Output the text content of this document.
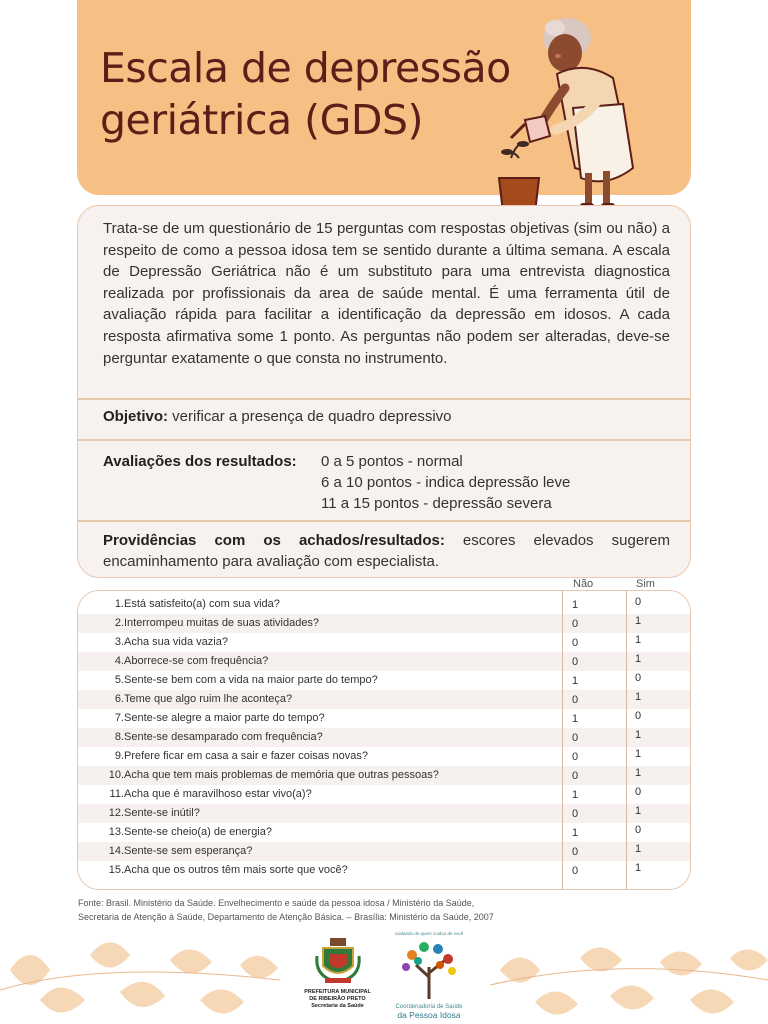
Escala de depressão
geriátrica (GDS)

Trata-se de um questionário de 15 perguntas com respostas objetivas (sim ou não) a respeito de como a pessoa idosa tem se sentido durante a última semana. A escala de Depressão Geriátrica não é um substituto para uma entrevista diagnostica realizada por profissionais da area de saúde mental. É uma ferramenta útil de avaliação rápida para facilitar a identificação da depressão em idosos. A cada resposta afirmativa some 1 ponto. As perguntas não podem ser alteradas, deve-se perguntar exatamente o que consta no instrumento.

Objetivo: verificar a presença de quadro depressivo
Avaliações dos resultados: 0 a 5 pontos - normal
6 a 10 pontos - indica depressão leve
11 a 15 pontos - depressão severa
Providências com os achados/resultados: escores elevados sugerem encaminhamento para avaliação com especialista.
Não	Sim
15.Acha que os outros têm mais sorte que você?	0	1
14.Sente-se sem esperança?	0	1
13.Sente-se cheio(a) de energia?	1	0
12.Sente-se inútil?	0	1
11.Acha que é maravilhoso estar vivo(a)?	1	0
10.Acha que tem mais problemas de memória que outras pessoas?	0	1
9.Prefere ficar em casa a sair e fazer coisas novas?	0	1
8.Sente-se desamparado com frequência?	0	1
7.Sente-se alegre a maior parte do tempo?	1	0
6.Teme que algo ruim lhe aconteça?	0	1
5.Sente-se bem com a vida na maior parte do tempo?	1	0
4.Aborrece-se com frequência?	0	1
3.Acha sua vida vazia?	0	1
2.Interrompeu muitas de suas atividades?	0	1
1.Está satisfeito(a) com sua vida?	1	0
Fonte: Brasil. Ministério da Saúde. Envelhecimento e saúde da pessoa idosa / Ministério da Saúde,
Secretaria de Atenção à Saúde, Departamento de Atenção Básica. – Brasília: Ministério da Saúde, 2007
PREFEITURA MUNICIPAL
DE RIBEIRÃO PRETO
Secretaria da Saúde
cuidando de quem cuidou de você
Coordenadoria de Saúde
da Pessoa Idosa
